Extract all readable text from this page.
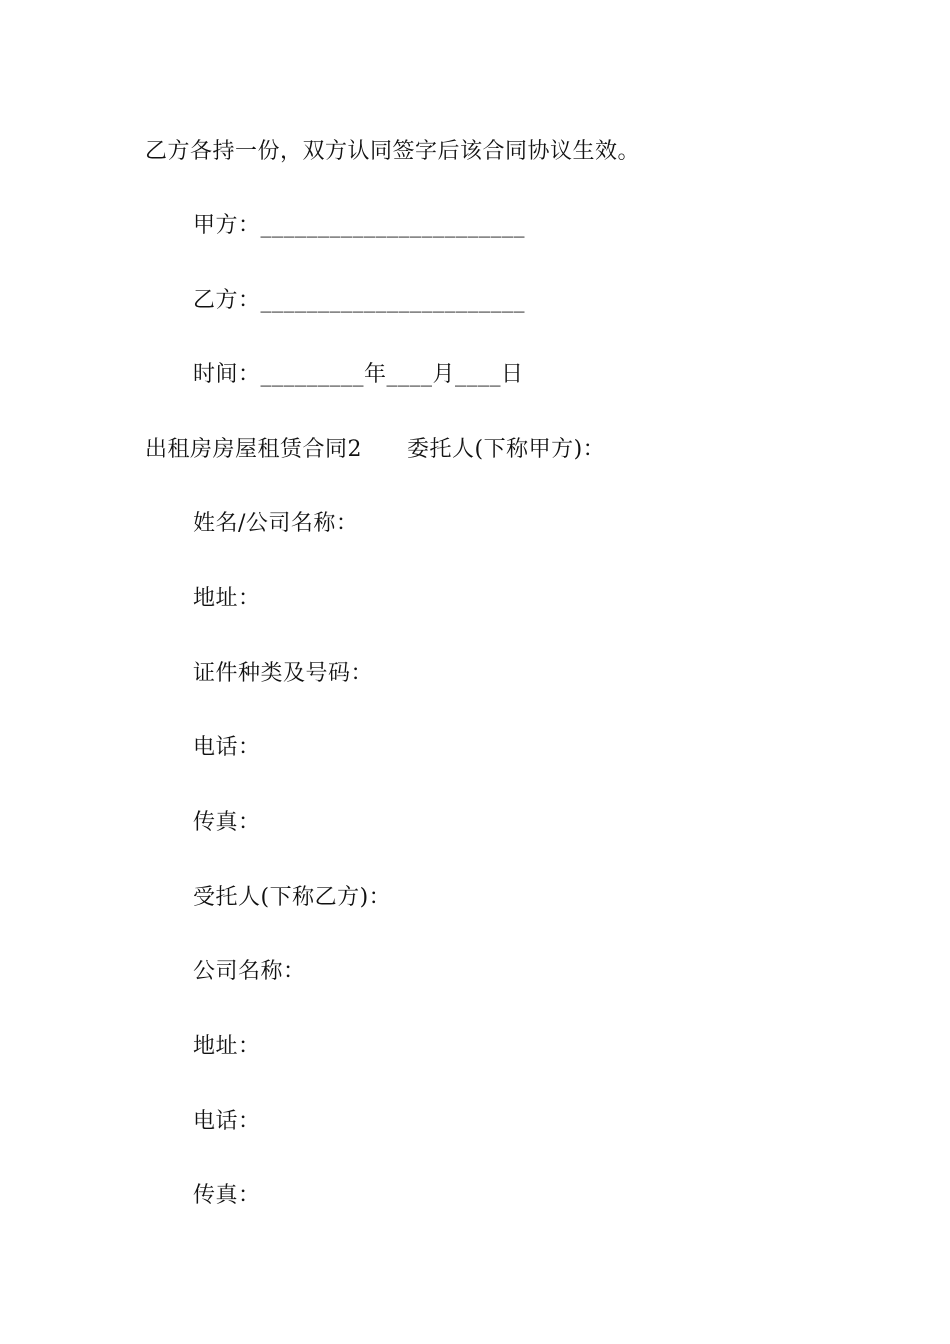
乙方各持一份，双方认同签字后该合同协议生效。
甲方：_______________________
乙方：_______________________
时间：_________年____月____日
出租房房屋租赁合同2　　委托人(下称甲方)：
姓名/公司名称：
地址：
证件种类及号码：
电话：
传真：
受托人(下称乙方)：
公司名称：
地址：
电话：
传真：
